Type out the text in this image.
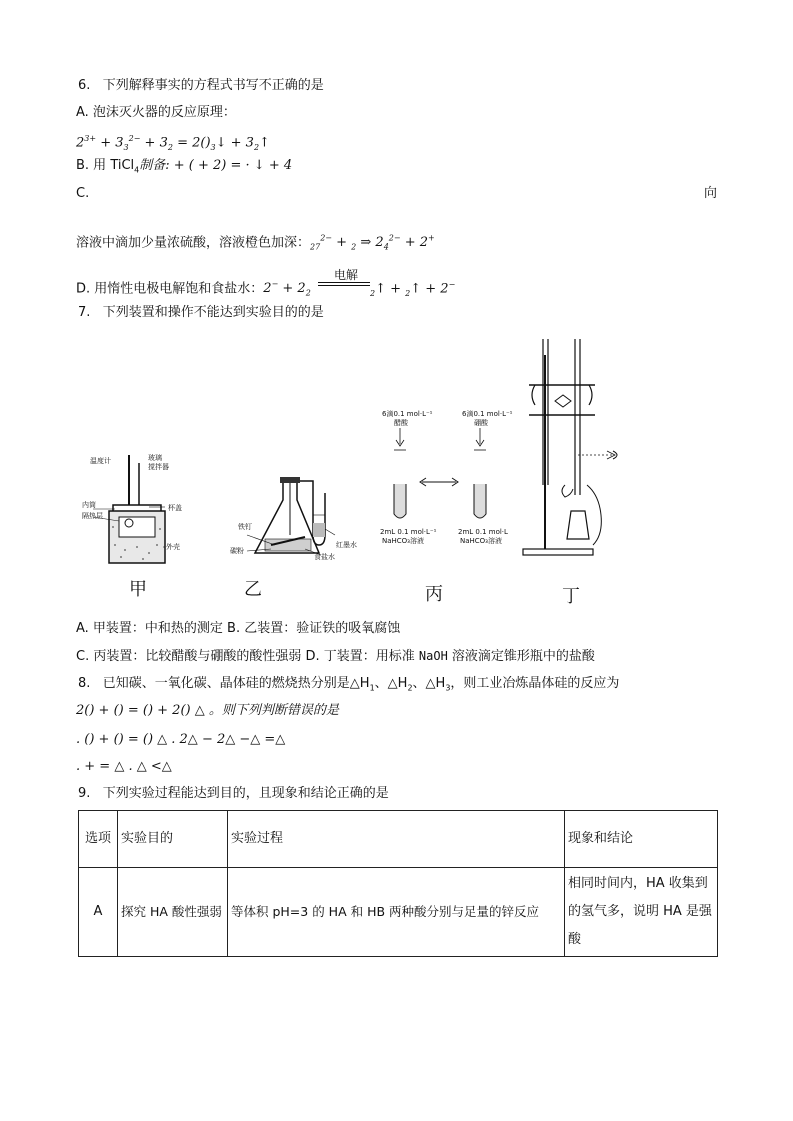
6.   下列解释事实的方程式书写不正确的是
A. 泡沫灭火器的反应原理：
$2^{3+} + 3_3^{2-} + 3_2$ = $2()_3↓$ + $3_2↑$
B. 用 TiCl$_4$制备: + ( + 2) = · ↓ + 4
C.	向
溶液中滴加少量浓硫酸，溶液橙色加深：$_{27}^{2-}$ + $_2$ ⇒ $2_4^{2-} + 2^+$
D. 用惰性电极电解饱和食盐水：$2^- + 2_2$
电解
$_2$↑ + $_2$↑ + 2−
7.   下列装置和操作不能达到实验目的的是
温度计	玻璃
搅拌器
杯盖
内筒
隔热层
外壳
甲
铁钉
碳粉
红墨水
食盐水
乙
6滴0.1 mol·L⁻¹
醋酸
6滴0.1 mol·L⁻¹
硼酸
2mL 0.1 mol·L⁻¹
NaHCO₃溶液
2mL 0.1 mol·L
NaHCO₃溶液
丙	丁
A. 甲装置：中和热的测定 B. 乙装置：验证铁的吸氧腐蚀
C. 丙装置：比较醋酸与硼酸的酸性强弱 D. 丁装置：用标准 NaOH 溶液滴定锥形瓶中的盐酸
8.   已知碳、一氧化碳、晶体硅的燃烧热分别是$\triangle H_1$、$\triangle H_2$、$\triangle H_3$，则工业冶炼晶体硅的反应为
2() + () = () + 2() △ 。则下列判断错误的是
. () + () = () △ . 2△ − 2△ −△ =△
. + = △ . △ <△
9.   下列实验过程能达到目的，且现象和结论正确的是
选项	实验目的	实验过程	现象和结论
A	探究 HA 酸性强弱	等体积 pH=3 的 HA 和 HB 两种酸分别与足量的锌反应	相同时间内，HA 收集到的氢气多，说明 HA 是强酸
